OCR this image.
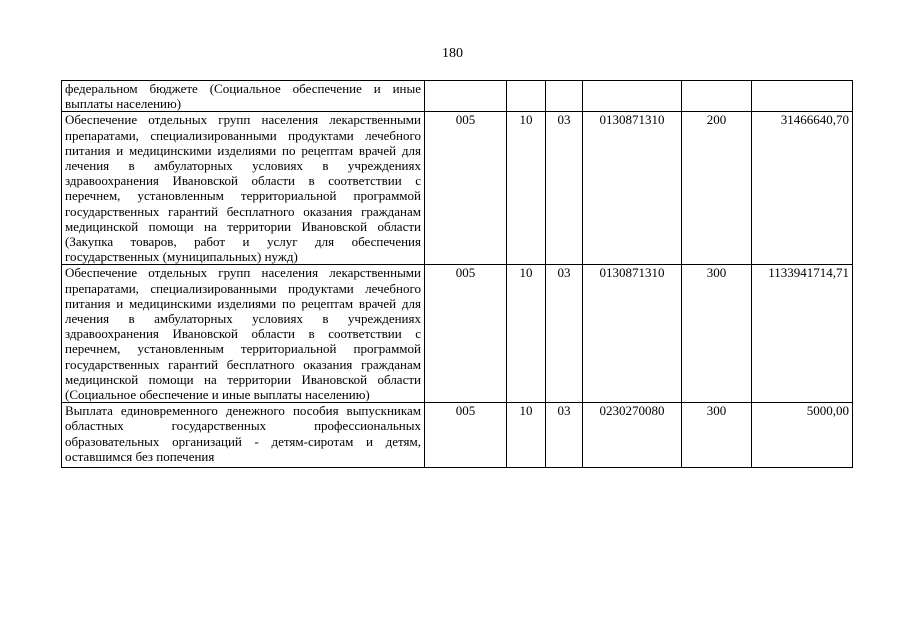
180
федеральном бюджете (Социальное обеспечение и иные выплаты населению)						
Обеспечение отдельных групп населения лекарственными препаратами, специализированными продуктами лечебного питания и медицинскими изделиями по рецептам врачей для лечения в амбулаторных условиях в учреждениях здравоохранения Ивановской области в соответствии с перечнем, установленным территориальной программой государственных гарантий бесплатного оказания гражданам медицинской помощи на территории Ивановской области (Закупка товаров, работ и услуг для обеспечения государственных (муниципальных) нужд)	005	10	03	0130871310	200	31466640,70
Обеспечение отдельных групп населения лекарственными препаратами, специализированными продуктами лечебного питания и медицинскими изделиями по рецептам врачей для лечения в амбулаторных условиях в учреждениях здравоохранения Ивановской области в соответствии с перечнем, установленным территориальной программой государственных гарантий бесплатного оказания гражданам медицинской помощи на территории Ивановской области (Социальное обеспечение и иные выплаты населению)	005	10	03	0130871310	300	1133941714,71

Выплата единовременного денежного пособия выпускникам областных государственных профессиональных образовательных организаций - детям-сиротам и детям, оставшимся без попечения	005	10	03	0230270080	300	5000,00
